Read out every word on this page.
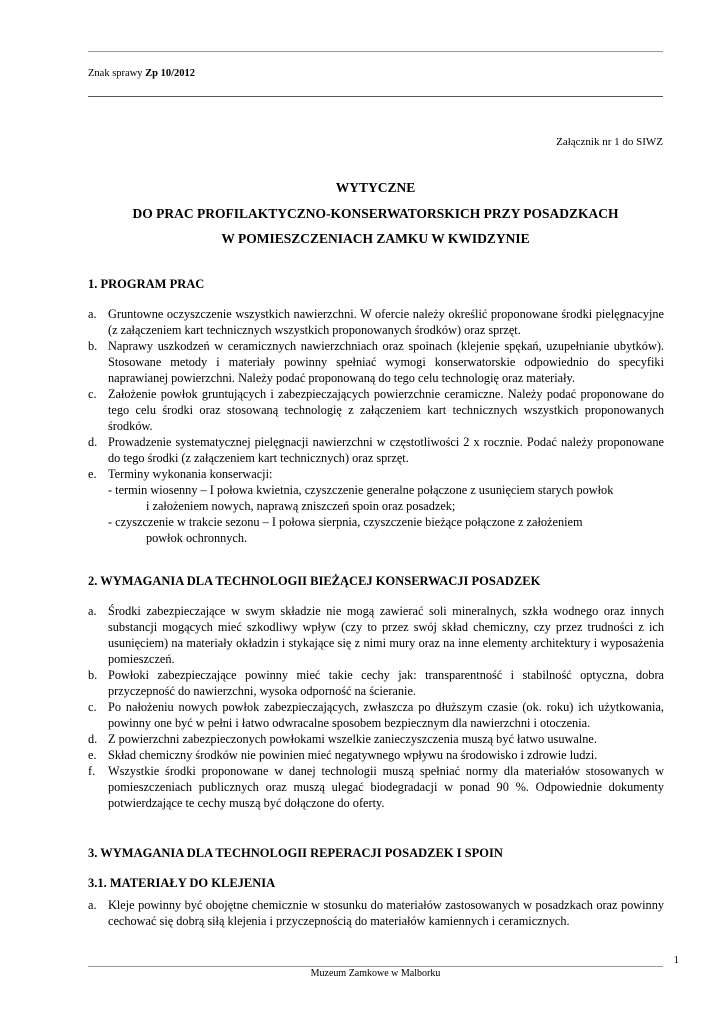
Znak sprawy Zp 10/2012
Załącznik nr 1 do SIWZ
WYTYCZNE
DO PRAC PROFILAKTYCZNO-KONSERWATORSKICH PRZY POSADZKACH
W POMIESZCZENIACH ZAMKU W KWIDZYNIE
1. PROGRAM PRAC
a. Gruntowne oczyszczenie wszystkich nawierzchni. W ofercie należy określić proponowane środki pielęgnacyjne (z załączeniem kart technicznych wszystkich proponowanych środków) oraz sprzęt.
b. Naprawy uszkodzeń w ceramicznych nawierzchniach oraz spoinach (klejenie spękań, uzupełnianie ubytków). Stosowane metody i materiały powinny spełniać wymogi konserwatorskie odpowiednio do specyfiki naprawianej powierzchni. Należy podać proponowaną do tego celu technologię oraz materiały.
c. Założenie powłok gruntujących i zabezpieczających powierzchnie ceramiczne. Należy podać proponowane do tego celu środki oraz stosowaną technologię z załączeniem kart technicznych wszystkich proponowanych środków.
d. Prowadzenie systematycznej pielęgnacji nawierzchni w częstotliwości 2 x rocznie. Podać należy proponowane do tego środki (z załączeniem kart technicznych) oraz sprzęt.
e. Terminy wykonania konserwacji:
- termin wiosenny – I połowa kwietnia, czyszczenie generalne połączone z usunięciem starych powłok
i założeniem nowych, naprawą zniszczeń spoin oraz posadzek;
- czyszczenie w trakcie sezonu – I połowa sierpnia, czyszczenie bieżące połączone z założeniem
powłok ochronnych.
2. WYMAGANIA DLA TECHNOLOGII BIEŻĄCEJ KONSERWACJI POSADZEK
a. Środki zabezpieczające w swym składzie nie mogą zawierać soli mineralnych, szkła wodnego oraz innych substancji mogących mieć szkodliwy wpływ (czy to przez swój skład chemiczny, czy przez trudności z ich usunięciem) na materiały okładzin i stykające się z nimi mury oraz na inne elementy architektury i wyposażenia pomieszczeń.
b. Powłoki zabezpieczające powinny mieć takie cechy jak: transparentność i stabilność optyczna, dobra przyczepność do nawierzchni, wysoka odporność na ścieranie.
c. Po nałożeniu nowych powłok zabezpieczających, zwłaszcza po dłuższym czasie (ok. roku) ich użytkowania, powinny one być w pełni i łatwo odwracalne sposobem bezpiecznym dla nawierzchni i otoczenia.
d. Z powierzchni zabezpieczonych powłokami wszelkie zanieczyszczenia muszą być łatwo usuwalne.
e. Skład chemiczny środków nie powinien mieć negatywnego wpływu na środowisko i zdrowie ludzi.
f. Wszystkie środki proponowane w danej technologii muszą spełniać normy dla materiałów stosowanych w pomieszczeniach publicznych oraz muszą ulegać biodegradacji w ponad 90 %. Odpowiednie dokumenty potwierdzające te cechy muszą być dołączone do oferty.
3. WYMAGANIA DLA TECHNOLOGII REPERACJI POSADZEK I SPOIN
3.1. MATERIAŁY DO KLEJENIA
a. Kleje powinny być obojętne chemicznie w stosunku do materiałów zastosowanych w posadzkach oraz powinny cechować się dobrą siłą klejenia i przyczepnością do materiałów kamiennych i ceramicznych.
1
Muzeum Zamkowe w Malborku
